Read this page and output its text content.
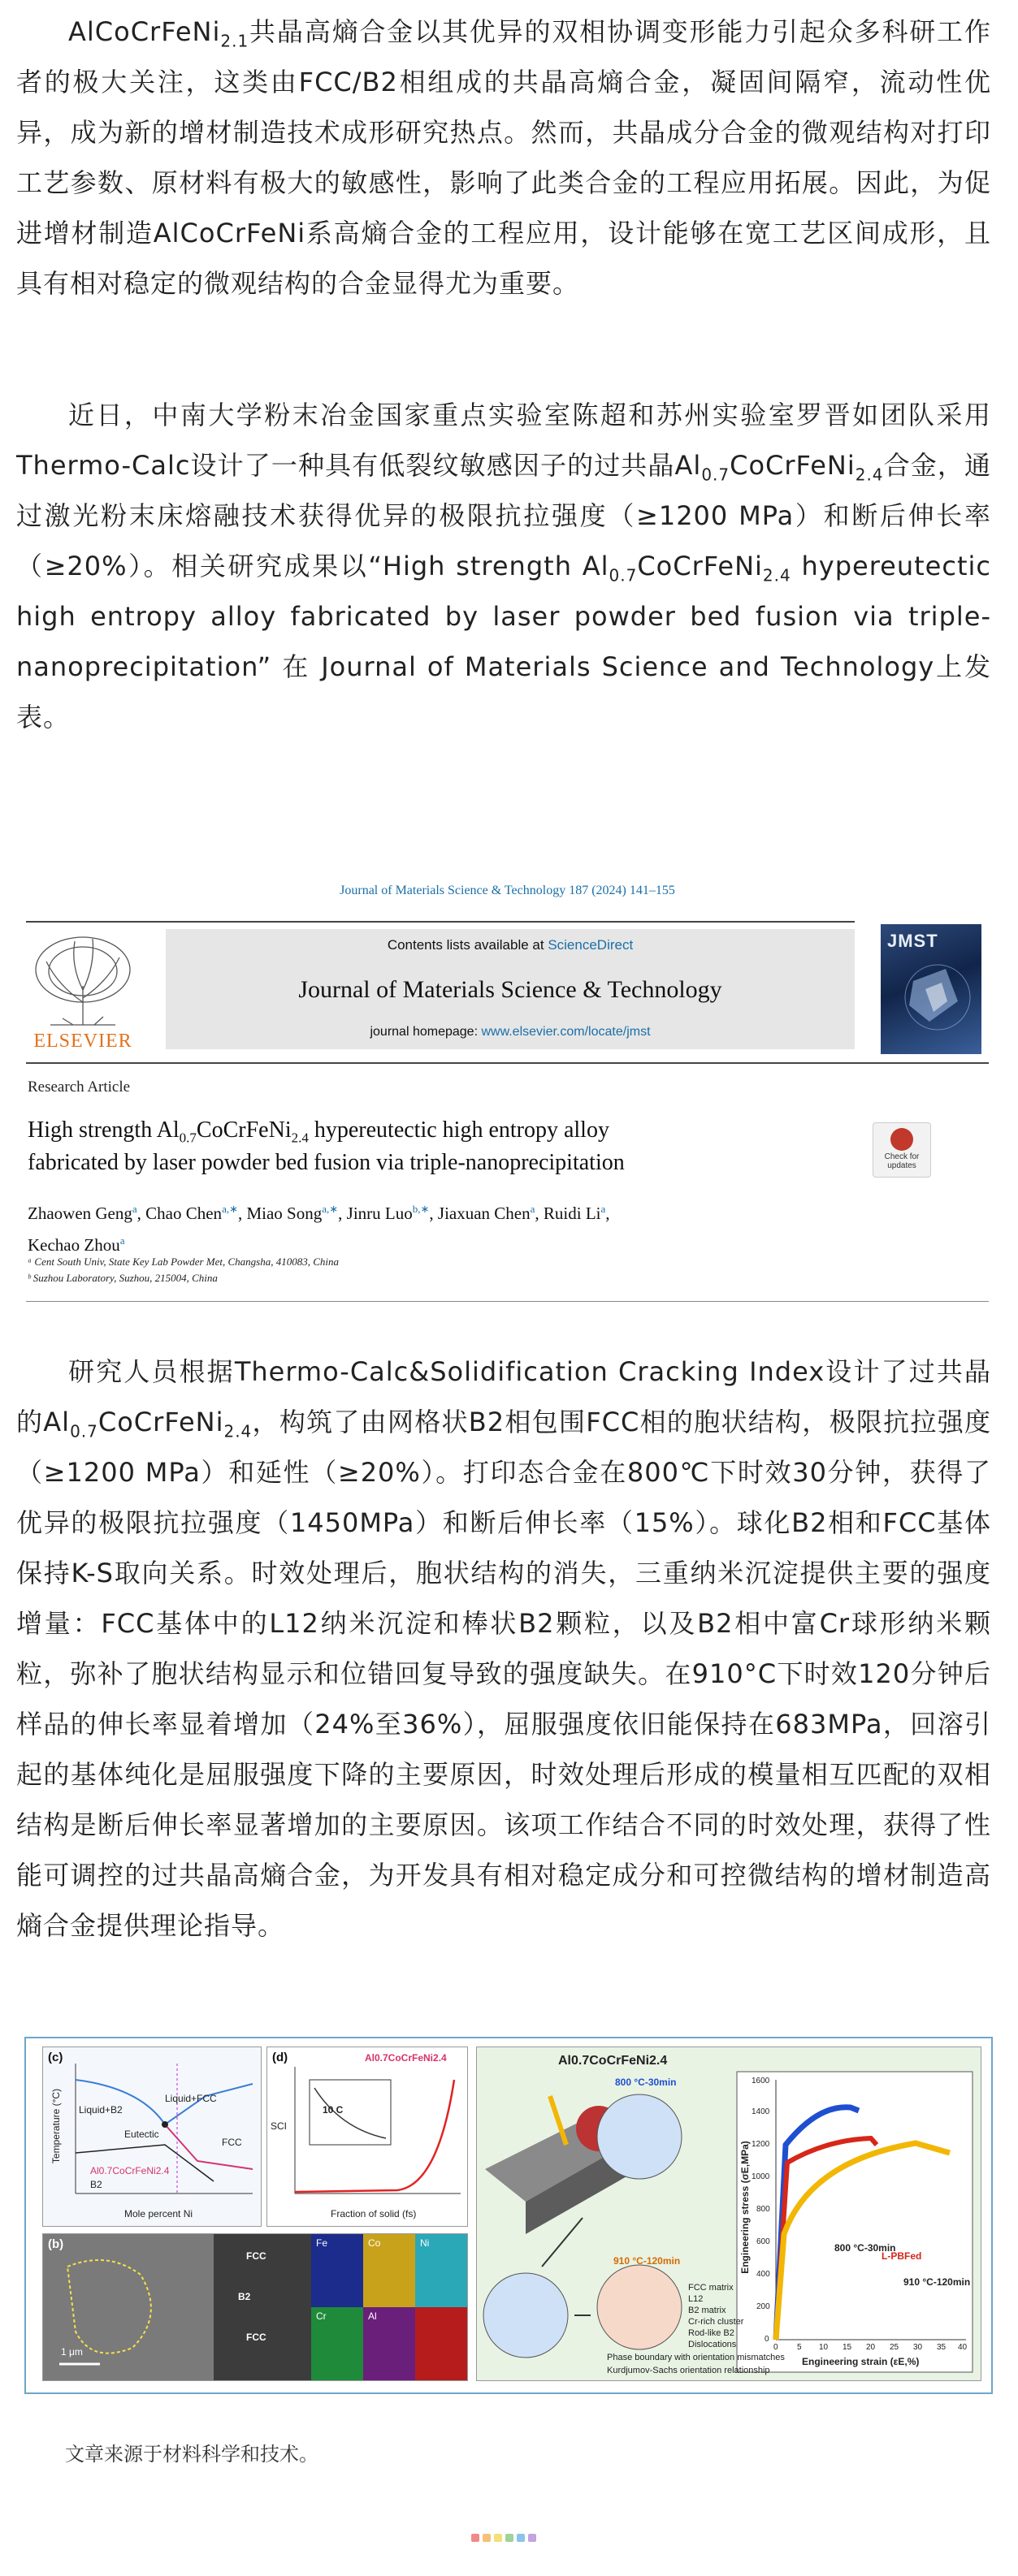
AlCoCrFeNi$_{2.1}$共晶高熵合金以其优异的双相协调变形能力引起众多科研工作者的极大关注，这类由FCC/B2相组成的共晶高熵合金，凝固间隔窄，流动性优异，成为新的增材制造技术成形研究热点。然而，共晶成分合金的微观结构对打印工艺参数、原材料有极大的敏感性，影响了此类合金的工程应用拓展。因此，为促进增材制造AlCoCrFeNi系高熵合金的工程应用，设计能够在宽工艺区间成形，且具有相对稳定的微观结构的合金显得尤为重要。

近日，中南大学粉末冶金国家重点实验室陈超和苏州实验室罗晋如团队采用Thermo-Calc设计了一种具有低裂纹敏感因子的过共晶$Al_{0.7}CoCrFeNi_{2.4}$合金，通过激光粉末床熔融技术获得优异的极限抗拉强度（≥1200 MPa）和断后伸长率（≥20%）。相关研究成果以“High strength $Al_{0.7}CoCrFeNi_{2.4}$ hypereutectic high entropy alloy fabricated by laser powder bed fusion via triple-nanoprecipitation” 在 Journal of Materials Science and Technology上发表。

Journal of Materials Science & Technology 187 (2024) 141–155
ELSEVIER
Contents lists available at ScienceDirect
Journal of Materials Science & Technology
journal homepage: www.elsevier.com/locate/jmst
JMST
Research Article
High strength $Al_{0.7}CoCrFeNi_{2.4}$ hypereutectic high entropy alloy
fabricated by laser powder bed fusion via triple-nanoprecipitation	Check for updates
Zhaowen Geng$^a$, Chao Chen$^{a,∗}$, Miao Song$^{a,∗}$, Jinru Luo$^{b,∗}$, Jiaxuan Chen$^a$, Ruidi Li$^a$,
Kechao Zhou$^a$
ᵃ Cent South Univ, State Key Lab Powder Met, Changsha, 410083, China
ᵇ Suzhou Laboratory, Suzhou, 215004, China

研究人员根据Thermo-Calc&Solidification Cracking Index设计了过共晶的$Al_{0.7}CoCrFeNi_{2.4}$，构筑了由网格状B2相包围FCC相的胞状结构，极限抗拉强度（≥1200 MPa）和延性（≥20%）。打印态合金在800℃下时效30分钟，获得了优异的极限抗拉强度（1450MPa）和断后伸长率（15%）。球化B2相和FCC基体保持K-S取向关系。时效处理后，胞状结构的消失，三重纳米沉淀提供主要的强度增量：FCC基体中的L12纳米沉淀和棒状B2颗粒，以及B2相中富Cr球形纳米颗粒，弥补了胞状结构显示和位错回复导致的强度缺失。在910°C下时效120分钟后样品的伸长率显着增加（24%至36%），屈服强度依旧能保持在683MPa，回溶引起的基体纯化是屈服强度下降的主要原因，时效处理后形成的模量相互匹配的双相结构是断后伸长率显著增加的主要原因。该项工作结合不同的时效处理，获得了性能可调控的过共晶高熵合金，为开发具有相对稳定成分和可控微结构的增材制造高熵合金提供理论指导。

(c)
Liquid+B2
Liquid+FCC
FCC
Eutectic
Al0.7CoCrFeNi2.4
B2
Mole percent Ni
Temperature (°C)
(d)	Al0.7CoCrFeNi2.4
10 C
Fraction of solid (fs)
SCI
(b)
1 μm
FCC
B2
FCC
Fe	Co	Ni
Cr	Al
Al0.7CoCrFeNi2.4
800 °C-30min
910 °C-120min
FCC matrix
L12
B2 matrix
Cr-rich cluster
Rod-like B2
Dislocations
Phase boundary with orientation mismatches
Kurdjumov-Sachs orientation relationship
800 °C-30min
L-PBFed
910 °C-120min
0
200
400
600
800
1000
1200
1400
1600
0 5 10 15 20 25 30 35 40
Engineering strain (εE,%)
Engineering stress (σE,MPa)
文章来源于材料科学和技术。
